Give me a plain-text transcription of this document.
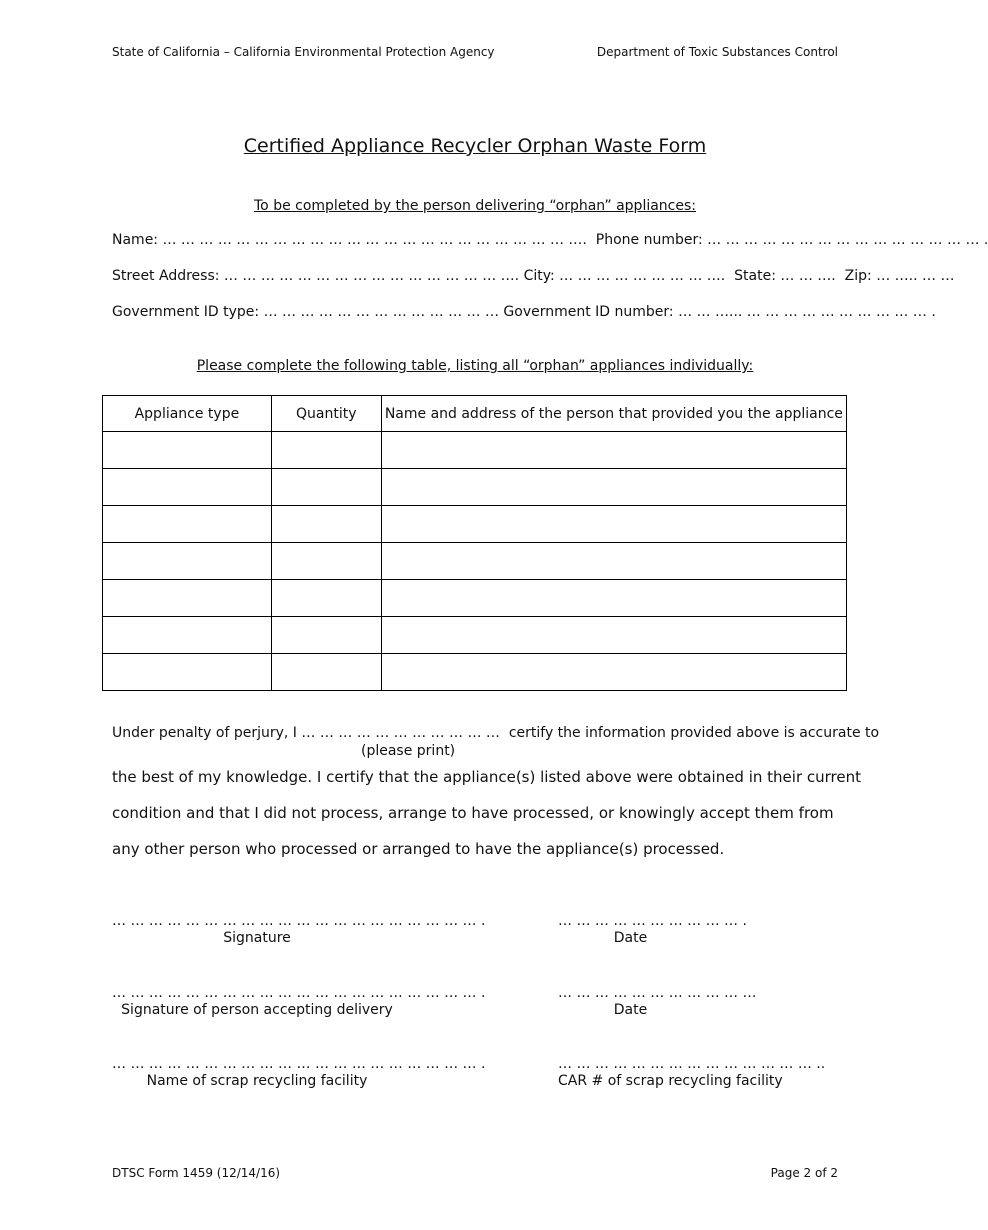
State of California – California Environmental Protection Agency	Department of Toxic Substances Control
Certified Appliance Recycler Orphan Waste Form
To be completed by the person delivering “orphan” appliances:
Name: … … … … … … … … … … … … … … … … … … … … … … …. Phone number: … … … … … … … … … … … … … … … .
Street Address: … … … … … … … … … … … … … … … …. City: … … … … … … … … …. State: … … …. Zip: … ….. … …
Government ID type: … … … … … … … … … … … … … Government ID number: … … …... … … … … … … … … … … .
Please complete the following table, listing all “orphan” appliances individually:
Appliance type	Quantity	Name and address of the person that provided you the appliance

Under penalty of perjury, I … … … … … … … … … … … certify the information provided above is accurate to
(please print)
the best of my knowledge. I certify that the appliance(s) listed above were obtained in their current
condition and that I did not process, arrange to have processed, or knowingly accept them from
any other person who processed or arranged to have the appliance(s) processed.
… … … … … … … … … … … … … … … … … … … … .
Signature
… … … … … … … … … … .
Date
… … … … … … … … … … … … … … … … … … … … .
Signature of person accepting delivery
… … … … … … … … … … …
Date
… … … … … … … … … … … … … … … … … … … … .
Name of scrap recycling facility
… … … … … … … … … … … … … … ..
CAR # of scrap recycling facility
DTSC Form 1459 (12/14/16)	Page 2 of 2
